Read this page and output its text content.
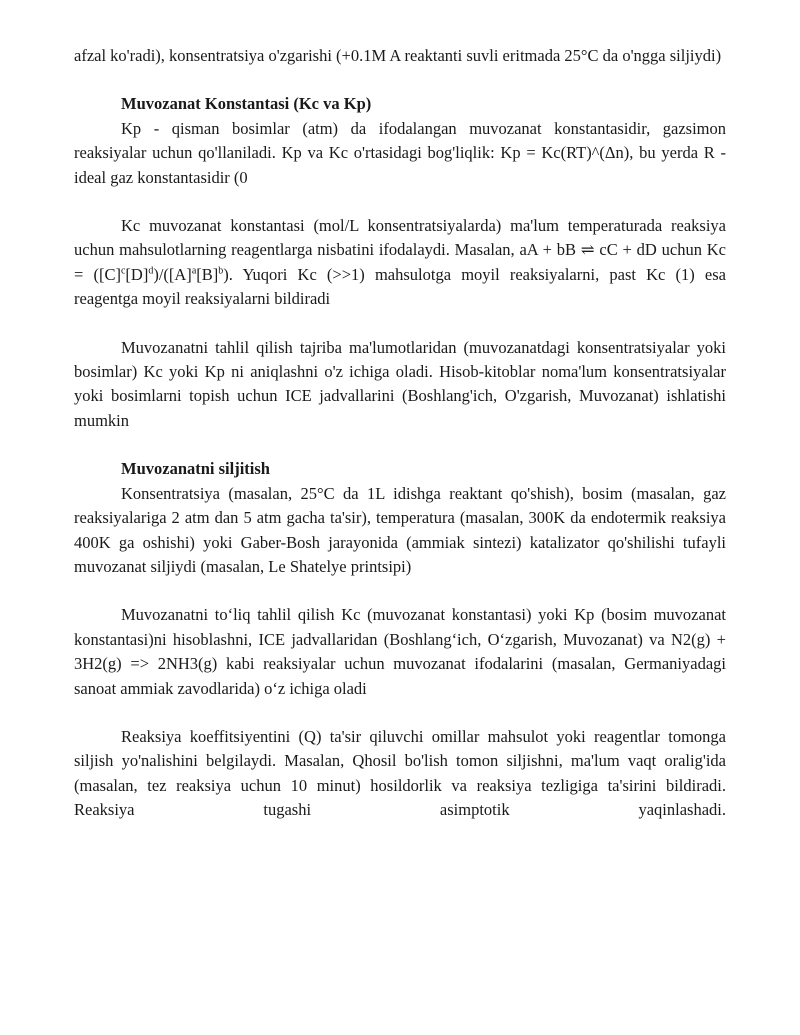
afzal ko'radi), konsentratsiya o'zgarishi (+0.1M A reaktanti suvli eritmada 25°C da o'ngga siljiydi)

Muvozanat Konstantasi (Kc va Kp)

Kp - qisman bosimlar (atm) da ifodalangan muvozanat konstantasidir, gazsimon reaksiyalar uchun qo'llaniladi. Kp va Kc o'rtasidagi bog'liqlik: Kp = Kc(RT)^(Δn), bu yerda R - ideal gaz konstantasidir (0

Kc muvozanat konstantasi (mol/L konsentratsiyalarda) ma'lum temperaturada reaksiya uchun mahsulotlarning reagentlarga nisbatini ifodalaydi. Masalan, aA + bB ⇌ cC + dD uchun $Kc = ([C]^c[D]^d)/([A]^a[B]^b)$. Yuqori Kc (>>1) mahsulotga moyil reaksiyalarni, past Kc (1) esa reagentga moyil reaksiyalarni bildiradi

Muvozanatni tahlil qilish tajriba ma'lumotlaridan (muvozanatdagi konsentratsiyalar yoki bosimlar) Kc yoki Kp ni aniqlashni o'z ichiga oladi. Hisob-kitoblar noma'lum konsentratsiyalar yoki bosimlarni topish uchun ICE jadvallarini (Boshlang'ich, O'zgarish, Muvozanat) ishlatishi mumkin

Muvozanatni siljitish

Konsentratsiya (masalan, 25°C da 1L idishga reaktant qo'shish), bosim (masalan, gaz reaksiyalariga 2 atm dan 5 atm gacha ta'sir), temperatura (masalan, 300K da endotermik reaksiya 400K ga oshishi) yoki Gaber-Bosh jarayonida (ammiak sintezi) katalizator qo'shilishi tufayli muvozanat siljiydi (masalan, Le Shatelye printsipi)

Muvozanatni to‘liq tahlil qilish Kc (muvozanat konstantasi) yoki Kp (bosim muvozanat konstantasi)ni hisoblashni, ICE jadvallaridan (Boshlang‘ich, O‘zgarish, Muvozanat) va N2(g) + 3H2(g) => 2NH3(g) kabi reaksiyalar uchun muvozanat ifodalarini (masalan, Germaniyadagi sanoat ammiak zavodlarida) o‘z ichiga oladi

Reaksiya koeffitsiyentini (Q) ta'sir qiluvchi omillar mahsulot yoki reagentlar tomonga siljish yo'nalishini belgilaydi. Masalan, Qhosil bo'lish tomon siljishni, ma'lum vaqt oralig'ida (masalan, tez reaksiya uchun 10 minut) hosildorlik va reaksiya tezligiga ta'sirini bildiradi. Reaksiya tugashi asimptotik yaqinlashadi.
